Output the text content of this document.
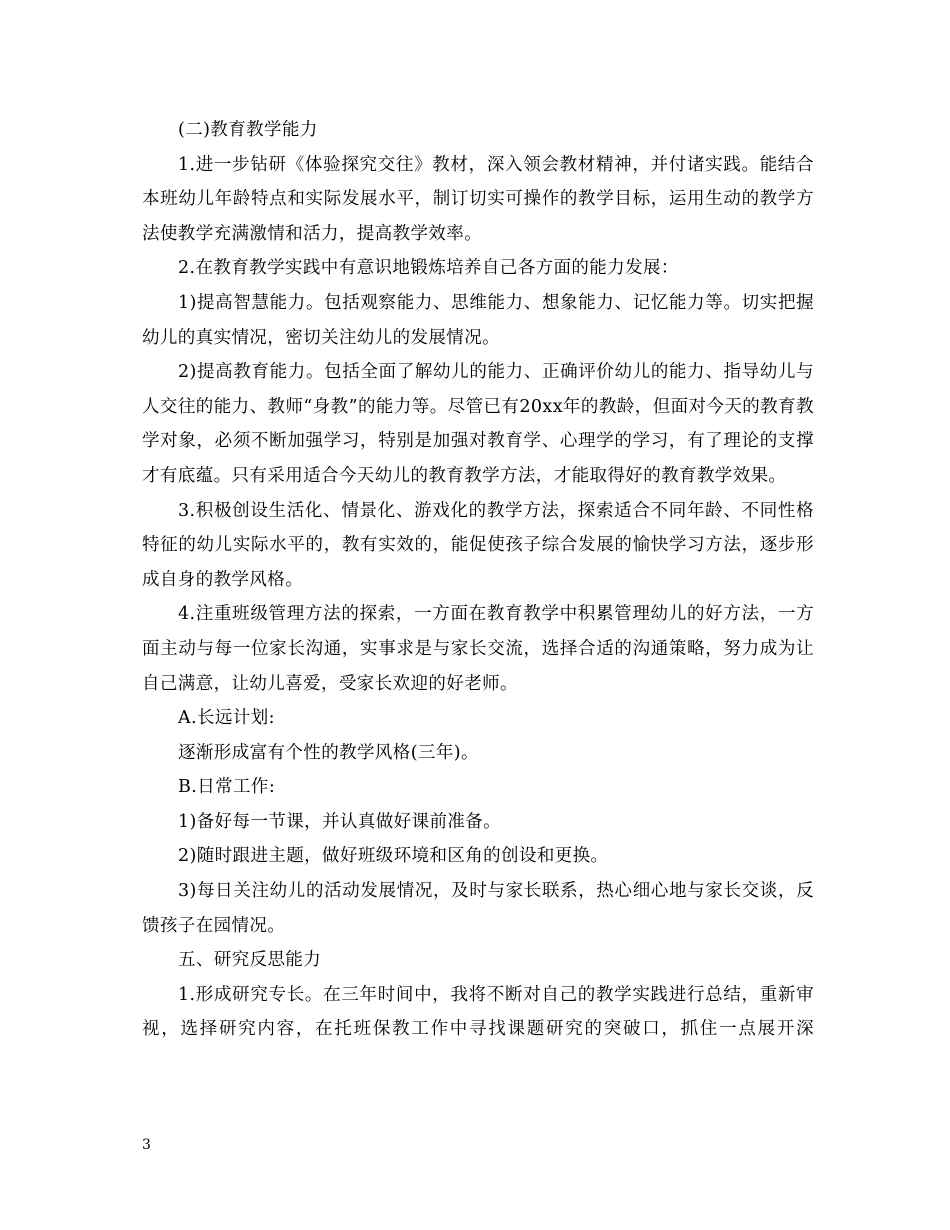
(二)教育教学能力

1.进一步钻研《体验探究交往》教材，深入领会教材精神，并付诸实践。能结合本班幼儿年龄特点和实际发展水平，制订切实可操作的教学目标，运用生动的教学方法使教学充满激情和活力，提高教学效率。

2.在教育教学实践中有意识地锻炼培养自己各方面的能力发展：

1)提高智慧能力。包括观察能力、思维能力、想象能力、记忆能力等。切实把握幼儿的真实情况，密切关注幼儿的发展情况。

2)提高教育能力。包括全面了解幼儿的能力、正确评价幼儿的能力、指导幼儿与人交往的能力、教师“身教”的能力等。尽管已有20xx年的教龄，但面对今天的教育教学对象，必须不断加强学习，特别是加强对教育学、心理学的学习，有了理论的支撑才有底蕴。只有采用适合今天幼儿的教育教学方法，才能取得好的教育教学效果。

3.积极创设生活化、情景化、游戏化的教学方法，探索适合不同年龄、不同性格特征的幼儿实际水平的，教有实效的，能促使孩子综合发展的愉快学习方法，逐步形成自身的教学风格。

4.注重班级管理方法的探索，一方面在教育教学中积累管理幼儿的好方法，一方面主动与每一位家长沟通，实事求是与家长交流，选择合适的沟通策略，努力成为让自己满意，让幼儿喜爱，受家长欢迎的好老师。

A.长远计划:

逐渐形成富有个性的教学风格(三年)。

B.日常工作:

1)备好每一节课，并认真做好课前准备。

2)随时跟进主题，做好班级环境和区角的创设和更换。

3)每日关注幼儿的活动发展情况，及时与家长联系，热心细心地与家长交谈，反馈孩子在园情况。

五、研究反思能力

1.形成研究专长。在三年时间中，我将不断对自己的教学实践进行总结，重新审视，选择研究内容，在托班保教工作中寻找课题研究的突破口，抓住一点展开深

3
